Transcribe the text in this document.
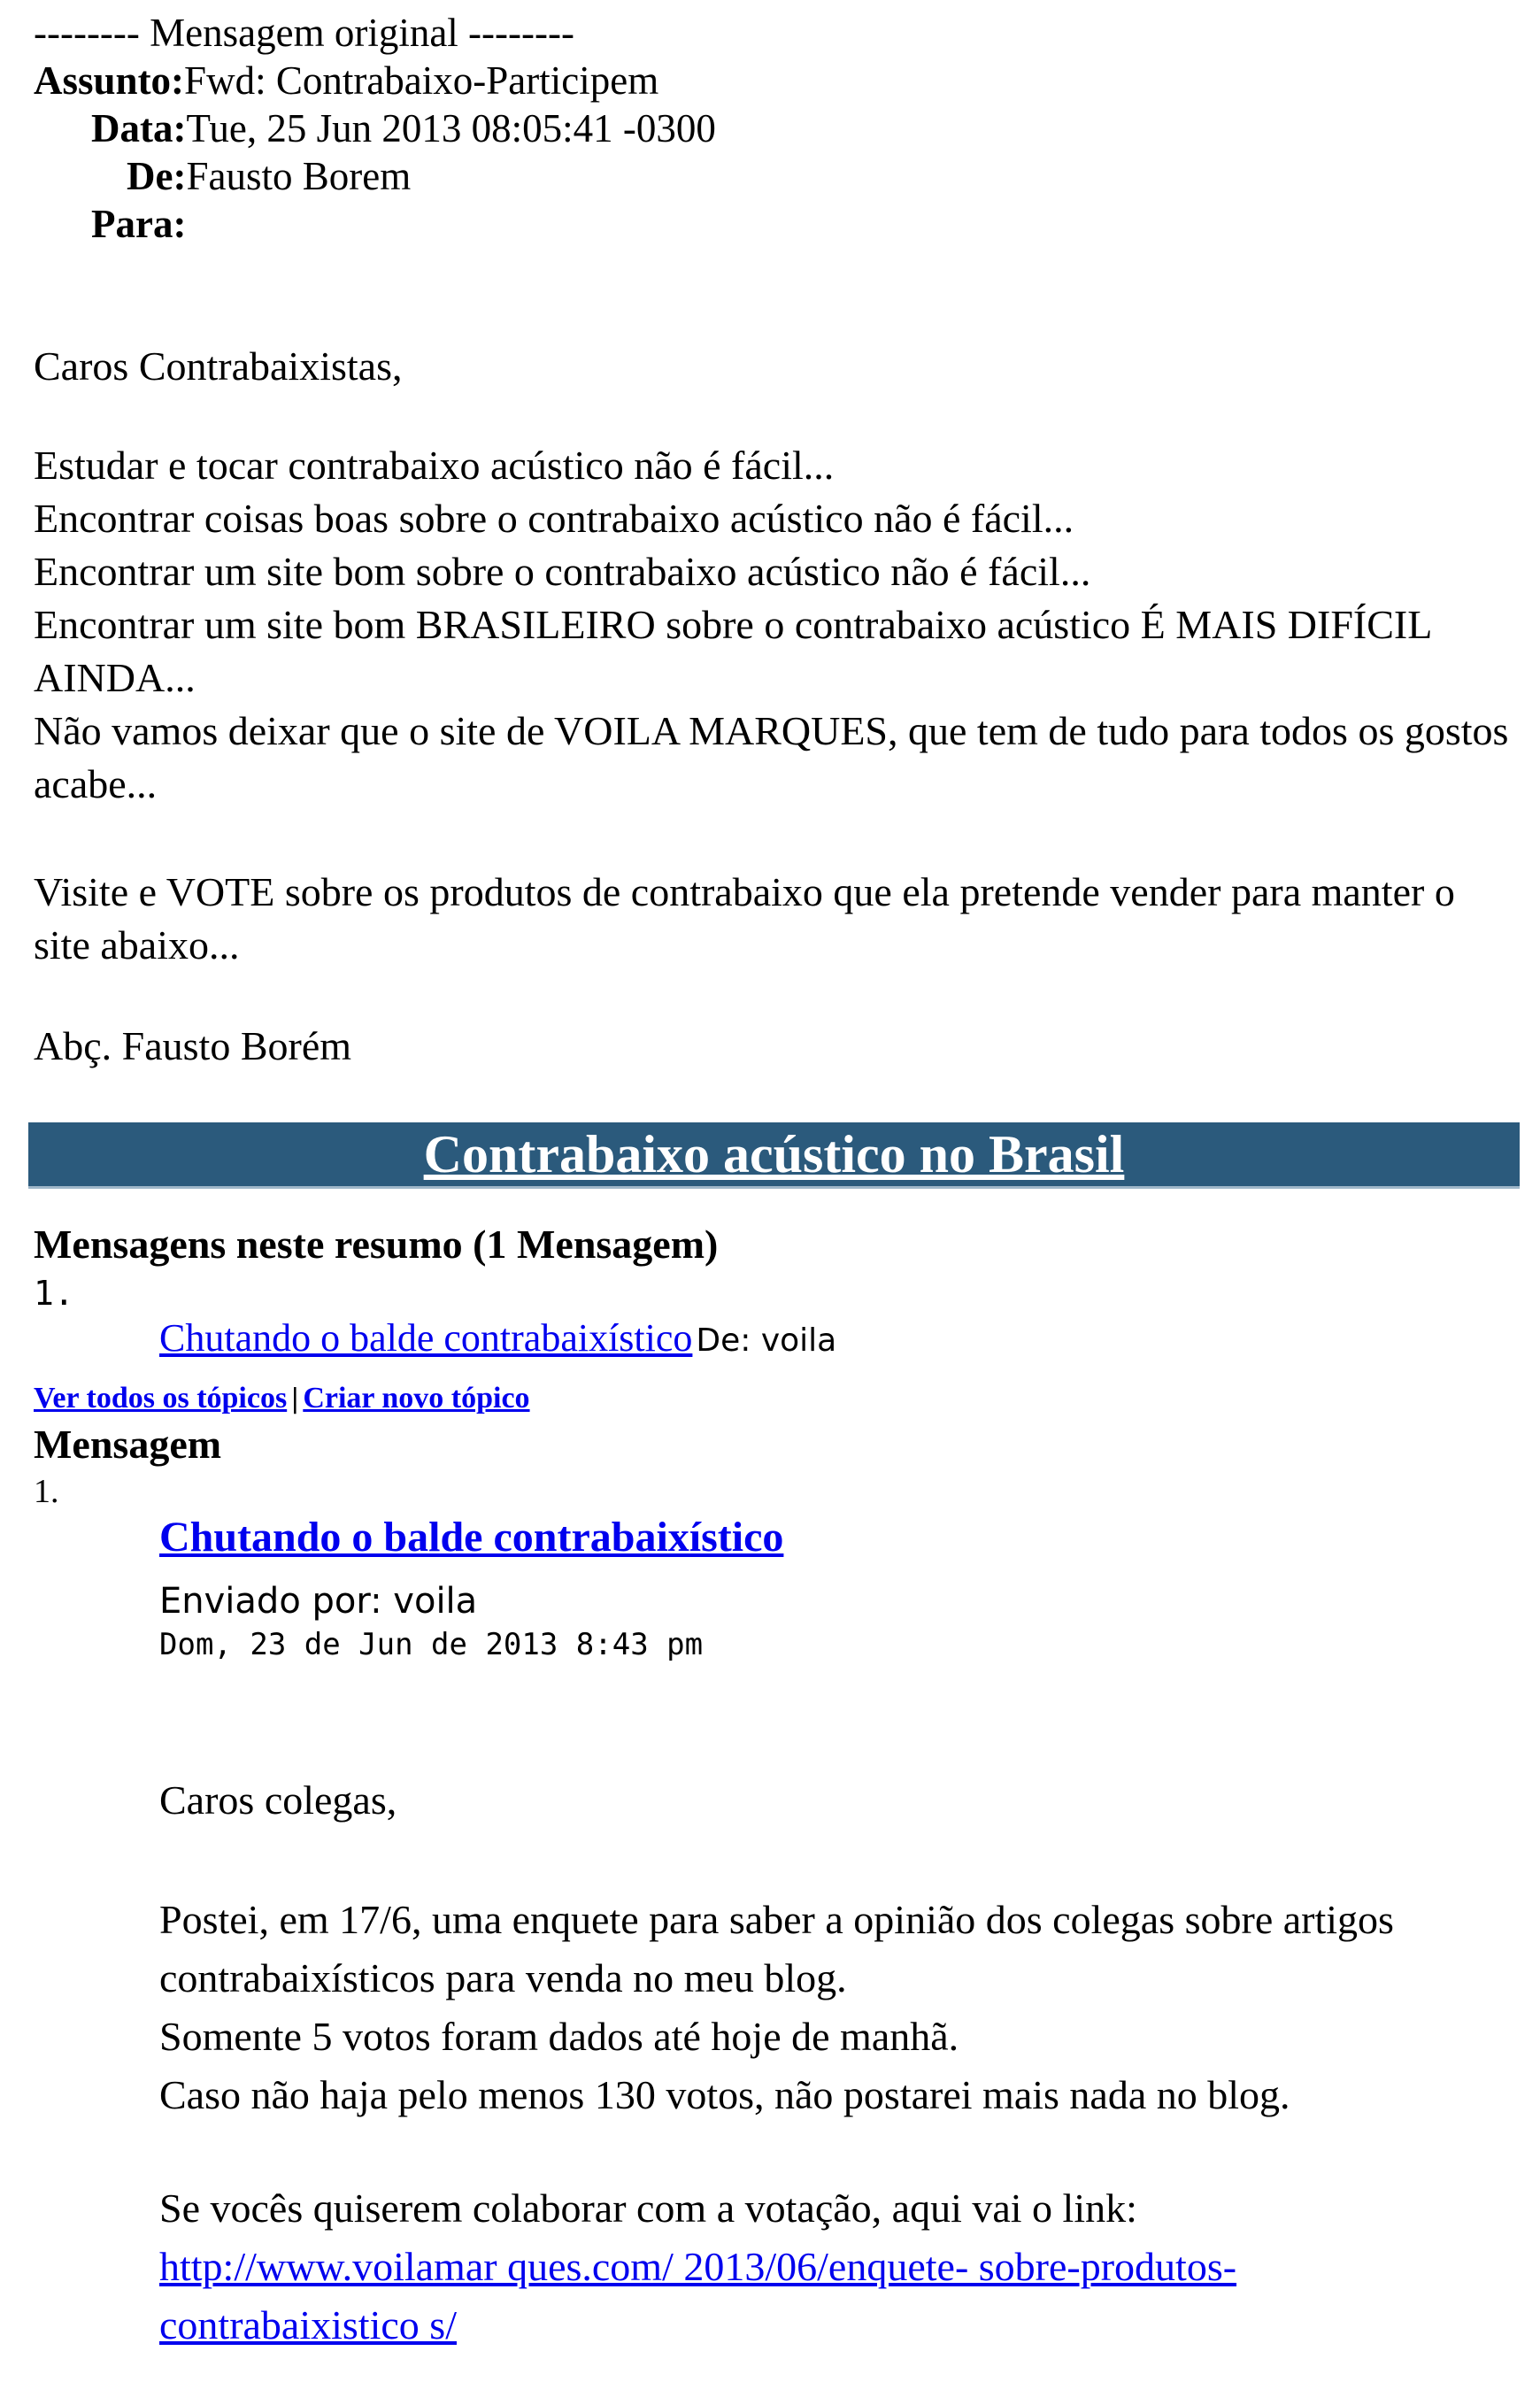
-------- Mensagem original --------
Assunto:Fwd: Contrabaixo-Participem
Data:Tue, 25 Jun 2013 08:05:41 -0300
De:Fausto Borem
Para:
Caros Contrabaixistas,

Estudar e tocar contrabaixo acústico não é fácil...

Encontrar coisas boas sobre o contrabaixo acústico não é fácil...

Encontrar um site bom sobre o contrabaixo acústico não é fácil...

Encontrar um site bom BRASILEIRO sobre o contrabaixo acústico É MAIS DIFÍCIL AINDA...

Não vamos deixar que o site de VOILA MARQUES, que tem de tudo para todos os gostos acabe...

Visite e VOTE sobre os produtos de contrabaixo que ela pretende vender para manter o site abaixo...
Abç. Fausto Borém
Contrabaixo acústico no Brasil
Mensagens neste resumo (1 Mensagem)
1.
Chutando o balde contrabaixístico De: voila
Ver todos os tópicos | Criar novo tópico
Mensagem
1.
Chutando o balde contrabaixístico
Enviado por: voila
Dom, 23 de Jun de 2013 8:43 pm
Caros colegas,
Postei, em 17/6, uma enquete para saber a opinião dos colegas sobre artigos contrabaixísticos para venda no meu blog.
Somente 5 votos foram dados até hoje de manhã.
Caso não haja pelo menos 130 votos, não postarei mais nada no blog.
Se vocês quiserem colaborar com a votação, aqui vai o link:
http://www.voilamar ques.com/ 2013/06/enquete- sobre-produtos- contrabaixistico s/
